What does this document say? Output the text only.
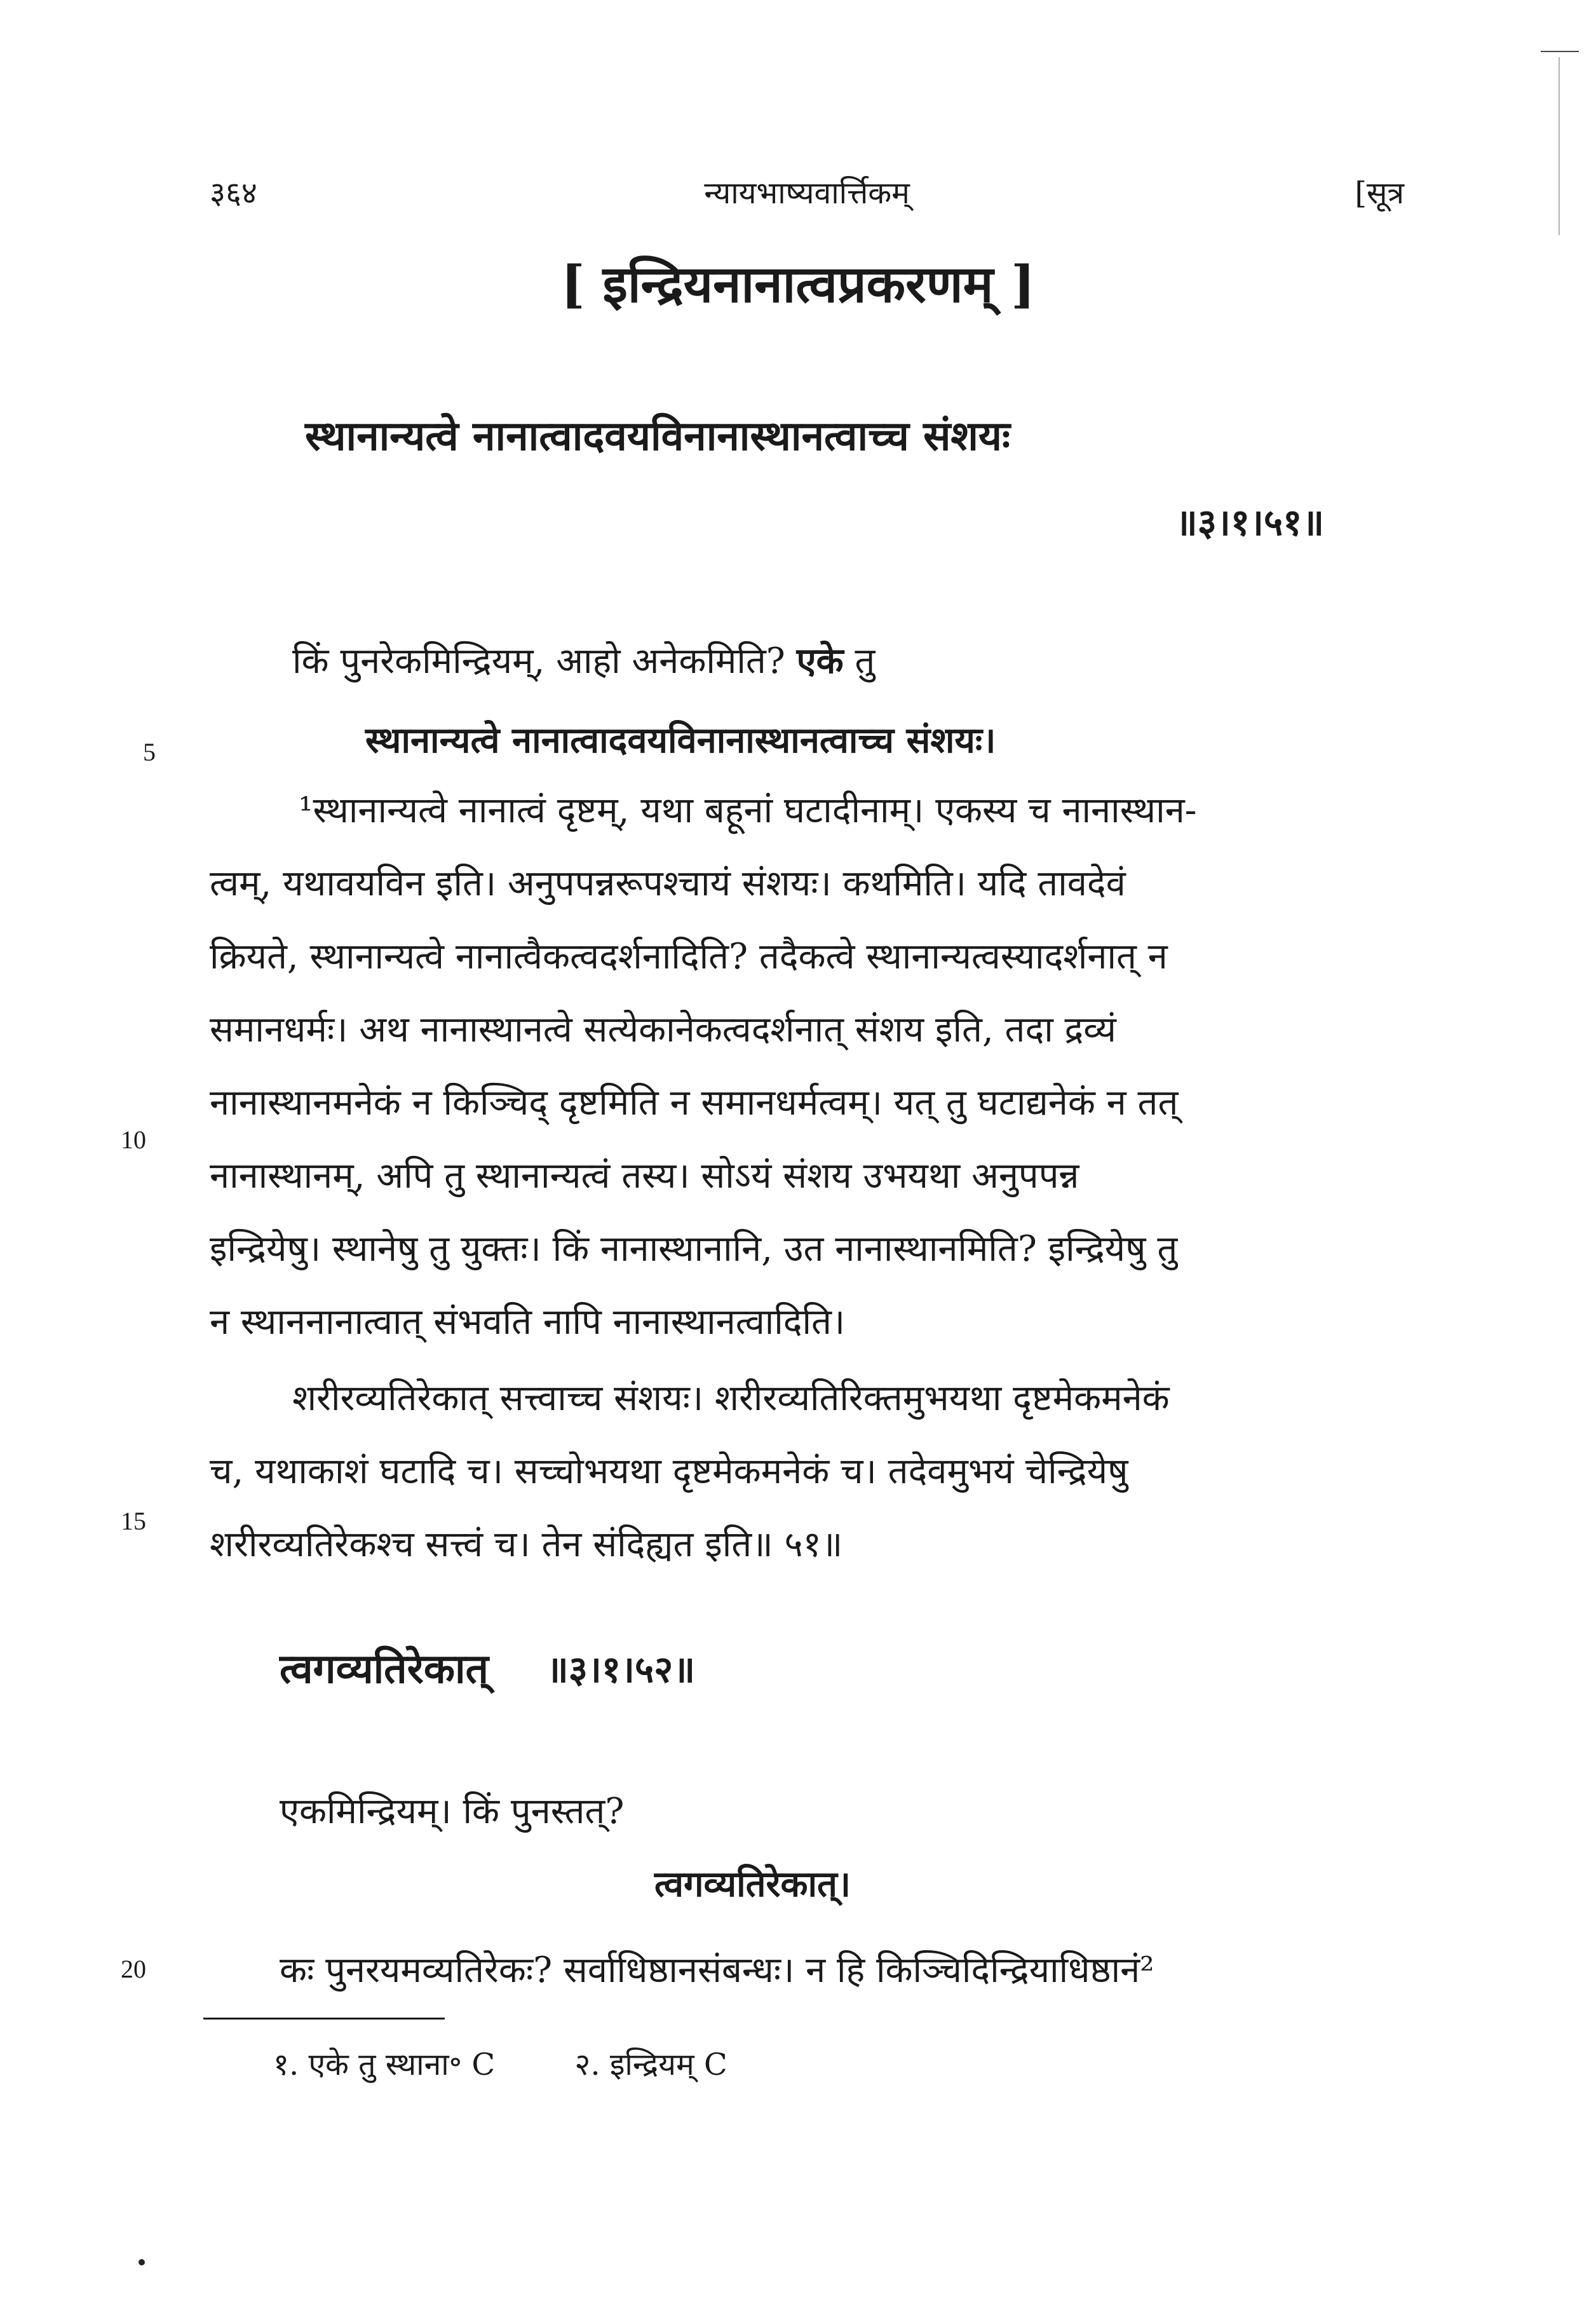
३६४	न्यायभाष्यवार्त्तिकम्	[सूत्र
[ इन्द्रियनानात्वप्रकरणम् ]
स्थानान्यत्वे नानात्वादवयविनानास्थानत्वाच्च संशयः
॥३।१।५१॥
किं पुनरेकमिन्द्रियम्, आहो अनेकमिति? एके तु
स्थानान्यत्वे नानात्वादवयविनानास्थानत्वाच्च संशयः।
5
¹स्थानान्यत्वे नानात्वं दृष्टम्, यथा बहूनां घटादीनाम्। एकस्य च नानास्थान-
त्वम्, यथावयविन इति। अनुपपन्नरूपश्चायं संशयः। कथमिति। यदि तावदेवं
क्रियते, स्थानान्यत्वे नानात्वैकत्वदर्शनादिति? तदैकत्वे स्थानान्यत्वस्यादर्शनात् न
समानधर्मः। अथ नानास्थानत्वे सत्येकानेकत्वदर्शनात् संशय इति, तदा द्रव्यं
नानास्थानमनेकं न किञ्चिद् दृष्टमिति न समानधर्मत्वम्। यत् तु घटाद्यनेकं न तत्
10
नानास्थानम्, अपि तु स्थानान्यत्वं तस्य। सोऽयं संशय उभयथा अनुपपन्न
इन्द्रियेषु। स्थानेषु तु युक्तः। किं नानास्थानानि, उत नानास्थानमिति? इन्द्रियेषु तु
न स्थाननानात्वात् संभवति नापि नानास्थानत्वादिति।
शरीरव्यतिरेकात् सत्त्वाच्च संशयः। शरीरव्यतिरिक्तमुभयथा दृष्टमेकमनेकं
च, यथाकाशं घटादि च। सच्चोभयथा दृष्टमेकमनेकं च। तदेवमुभयं चेन्द्रियेषु
15
शरीरव्यतिरेकश्च सत्त्वं च। तेन संदिह्यत इति॥ ५१॥
त्वगव्यतिरेकात् ॥३।१।५२॥
एकमिन्द्रियम्। किं पुनस्तत्?
त्वगव्यतिरेकात्।
20	कः पुनरयमव्यतिरेकः? सर्वाधिष्ठानसंबन्धः। न हि किञ्चिदिन्द्रियाधिष्ठानं²
१. एके तु स्थाना॰ C	२. इन्द्रियम् C
